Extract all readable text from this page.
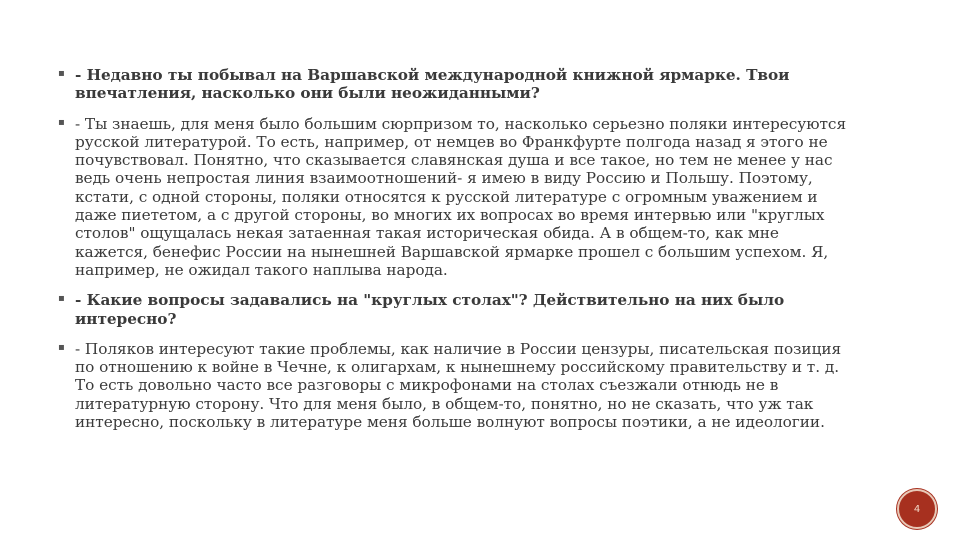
▪ - Недавно ты побывал на Варшавской международной книжной ярмарке. Твои впечатления, насколько они были неожиданными?
▪ - Ты знаешь, для меня было большим сюрпризом то, насколько серьезно поляки интересуются русской литературой. То есть, например, от немцев во Франкфурте полгода назад я этого не почувствовал. Понятно, что сказывается славянская душа и все такое, но тем не менее у нас ведь очень непростая линия взаимоотношений- я имею в виду Россию и Польшу. Поэтому, кстати, с одной стороны, поляки относятся к русской литературе с огромным уважением и даже пиететом, а с другой стороны, во многих их вопросах во время интервью или "круглых столов" ощущалась некая затаенная такая историческая обида. А в общем-то, как мне кажется, бенефис России на нынешней Варшавской ярмарке прошел с большим успехом. Я, например, не ожидал такого наплыва народа.
▪ - Какие вопросы задавались на "круглых столах"? Действительно на них было интересно?
▪ - Поляков интересуют такие проблемы, как наличие в России цензуры, писательская позиция по отношению к войне в Чечне, к олигархам, к нынешнему российскому правительству и т. д. То есть довольно часто все разговоры с микрофонами на столах съезжали отнюдь не в литературную сторону. Что для меня было, в общем-то, понятно, но не сказать, что уж так интересно, поскольку в литературе меня больше волнуют вопросы поэтики, а не идеологии.
4
